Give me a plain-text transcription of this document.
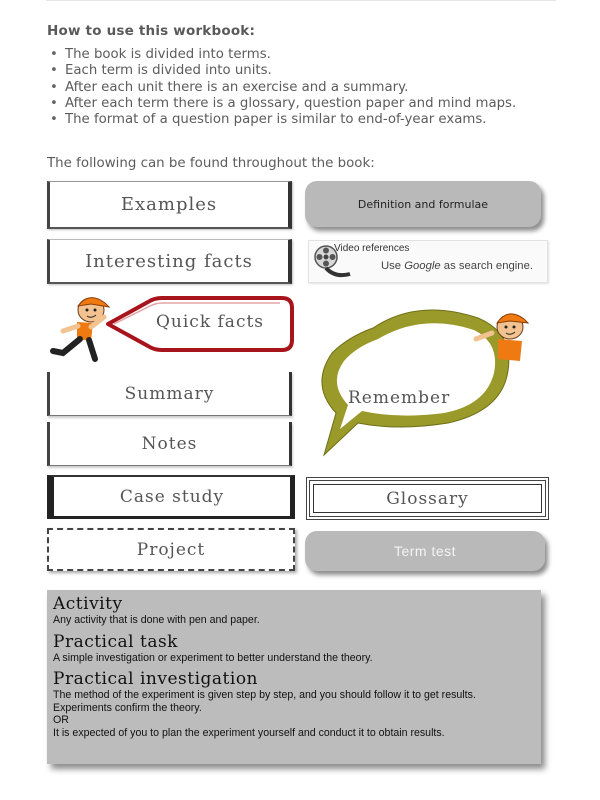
How to use this workbook:
• The book is divided into terms.
• Each term is divided into units.
• After each unit there is an exercise and a summary.
• After each term there is a glossary, question paper and mind maps.
• The format of a question paper is similar to end-of-year exams.
The following can be found throughout the book:
Examples
Interesting facts
Definition and formulae
Video references
Use Google as search engine.
Quick facts
Remember
Summary
Notes
Case study	Glossary
Project	Term test
Activity
Any activity that is done with pen and paper.
Practical task
A simple investigation or experiment to better understand the theory.
Practical investigation
The method of the experiment is given step by step, and you should follow it to get results.
Experiments confirm the theory.
OR
It is expected of you to plan the experiment yourself and conduct it to obtain results.
